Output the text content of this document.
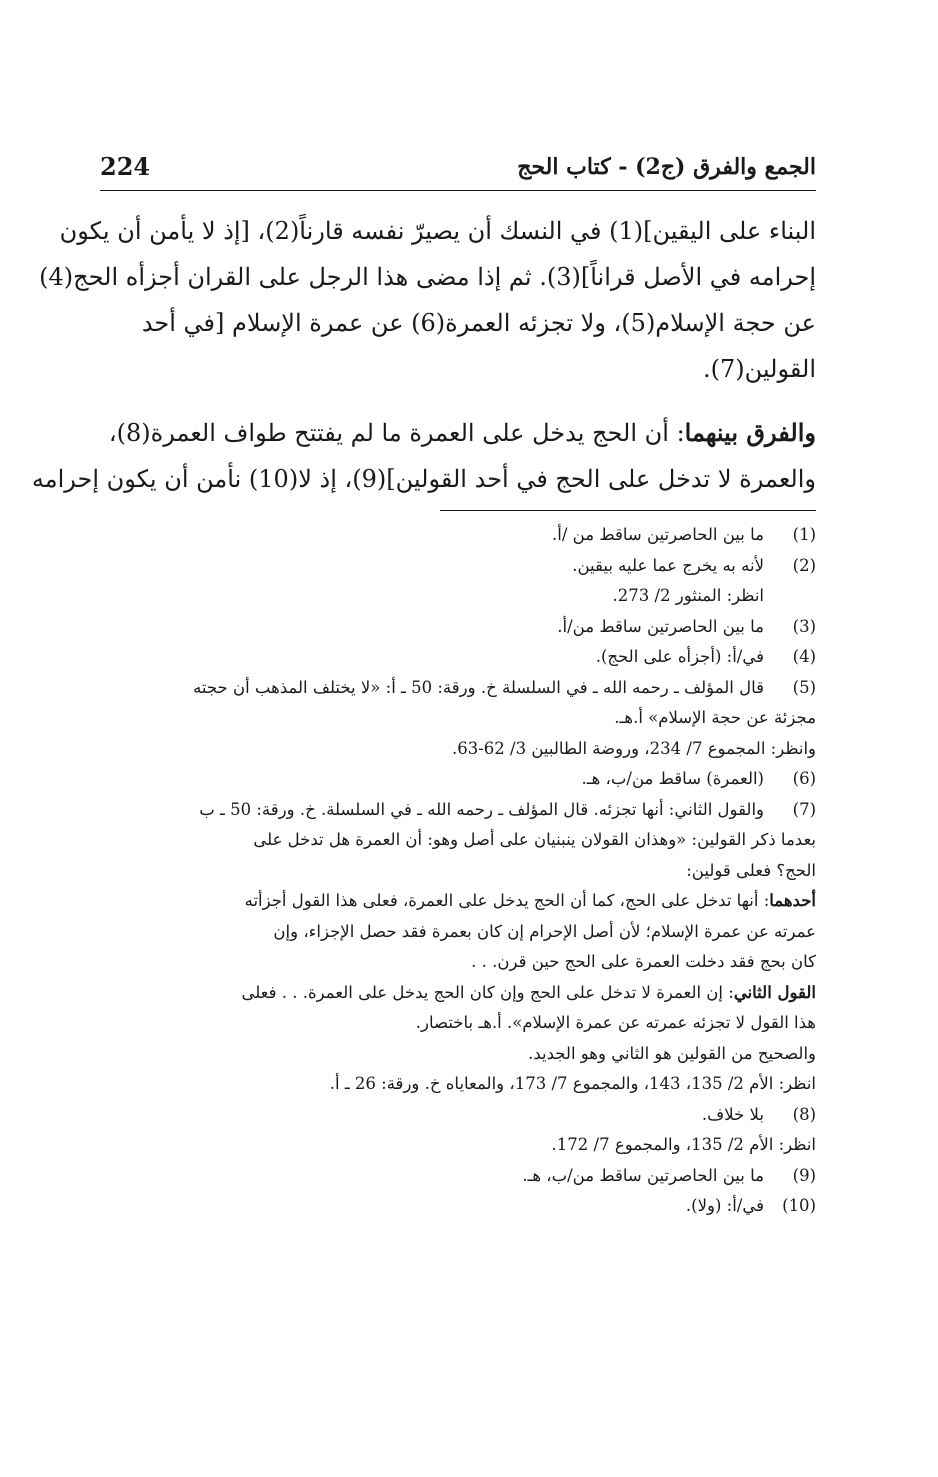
الجمع والفرق (ج2) - كتاب الحج
224

البناء على اليقين](1) في النسك أن يصيرّ نفسه قارناً(2)، [إذ لا يأمن أن يكون
إحرامه في الأصل قراناً](3). ثم إذا مضى هذا الرجل على القران أجزأه الحج(4)
عن حجة الإسلام(5)، ولا تجزئه العمرة(6) عن عمرة الإسلام [في أحد
القولين(7).

والفرق بينهما: أن الحج يدخل على العمرة ما لم يفتتح طواف العمرة(8)،
والعمرة لا تدخل على الحج في أحد القولين](9)، إذ لا(10) نأمن أن يكون إحرامه

(1)
ما بين الحاصرتين ساقط من /أ.
(2)
لأنه به يخرج عما عليه بيقين.
انظر: المنثور 2/ 273.
(3)
ما بين الحاصرتين ساقط من/أ.
(4)
في/أ: (أجزأه على الحج).
(5)
قال المؤلف ـ رحمه الله ـ في السلسلة خ. ورقة: 50 ـ أ: «لا يختلف المذهب أن حجته
مجزئة عن حجة الإسلام» أ.هـ.
وانظر: المجموع 7/ 234، وروضة الطالبين 3/ 62-63.
(6)
(العمرة) ساقط من/ب، هـ.
(7)
والقول الثاني: أنها تجزئه. قال المؤلف ـ رحمه الله ـ في السلسلة. خ. ورقة: 50 ـ ب
بعدما ذكر القولين: «وهذان القولان ينبنيان على أصل وهو: أن العمرة هل تدخل على
الحج؟ فعلى قولين:
أحدهما: أنها تدخل على الحج، كما أن الحج يدخل على العمرة، فعلى هذا القول أجزأته
عمرته عن عمرة الإسلام؛ لأن أصل الإحرام إن كان بعمرة فقد حصل الإجزاء، وإن
كان بحج فقد دخلت العمرة على الحج حين قرن. . .
القول الثاني: إن العمرة لا تدخل على الحج وإن كان الحج يدخل على العمرة. . . فعلى
هذا القول لا تجزئه عمرته عن عمرة الإسلام». أ.هـ باختصار.
والصحيح من القولين هو الثاني وهو الجديد.
انظر: الأم 2/ 135، 143، والمجموع 7/ 173، والمعاياه خ. ورقة: 26 ـ أ.
(8)
بلا خلاف.
انظر: الأم 2/ 135، والمجموع 7/ 172.
(9)
ما بين الحاصرتين ساقط من/ب، هـ.
(10)
في/أ: (ولا).
